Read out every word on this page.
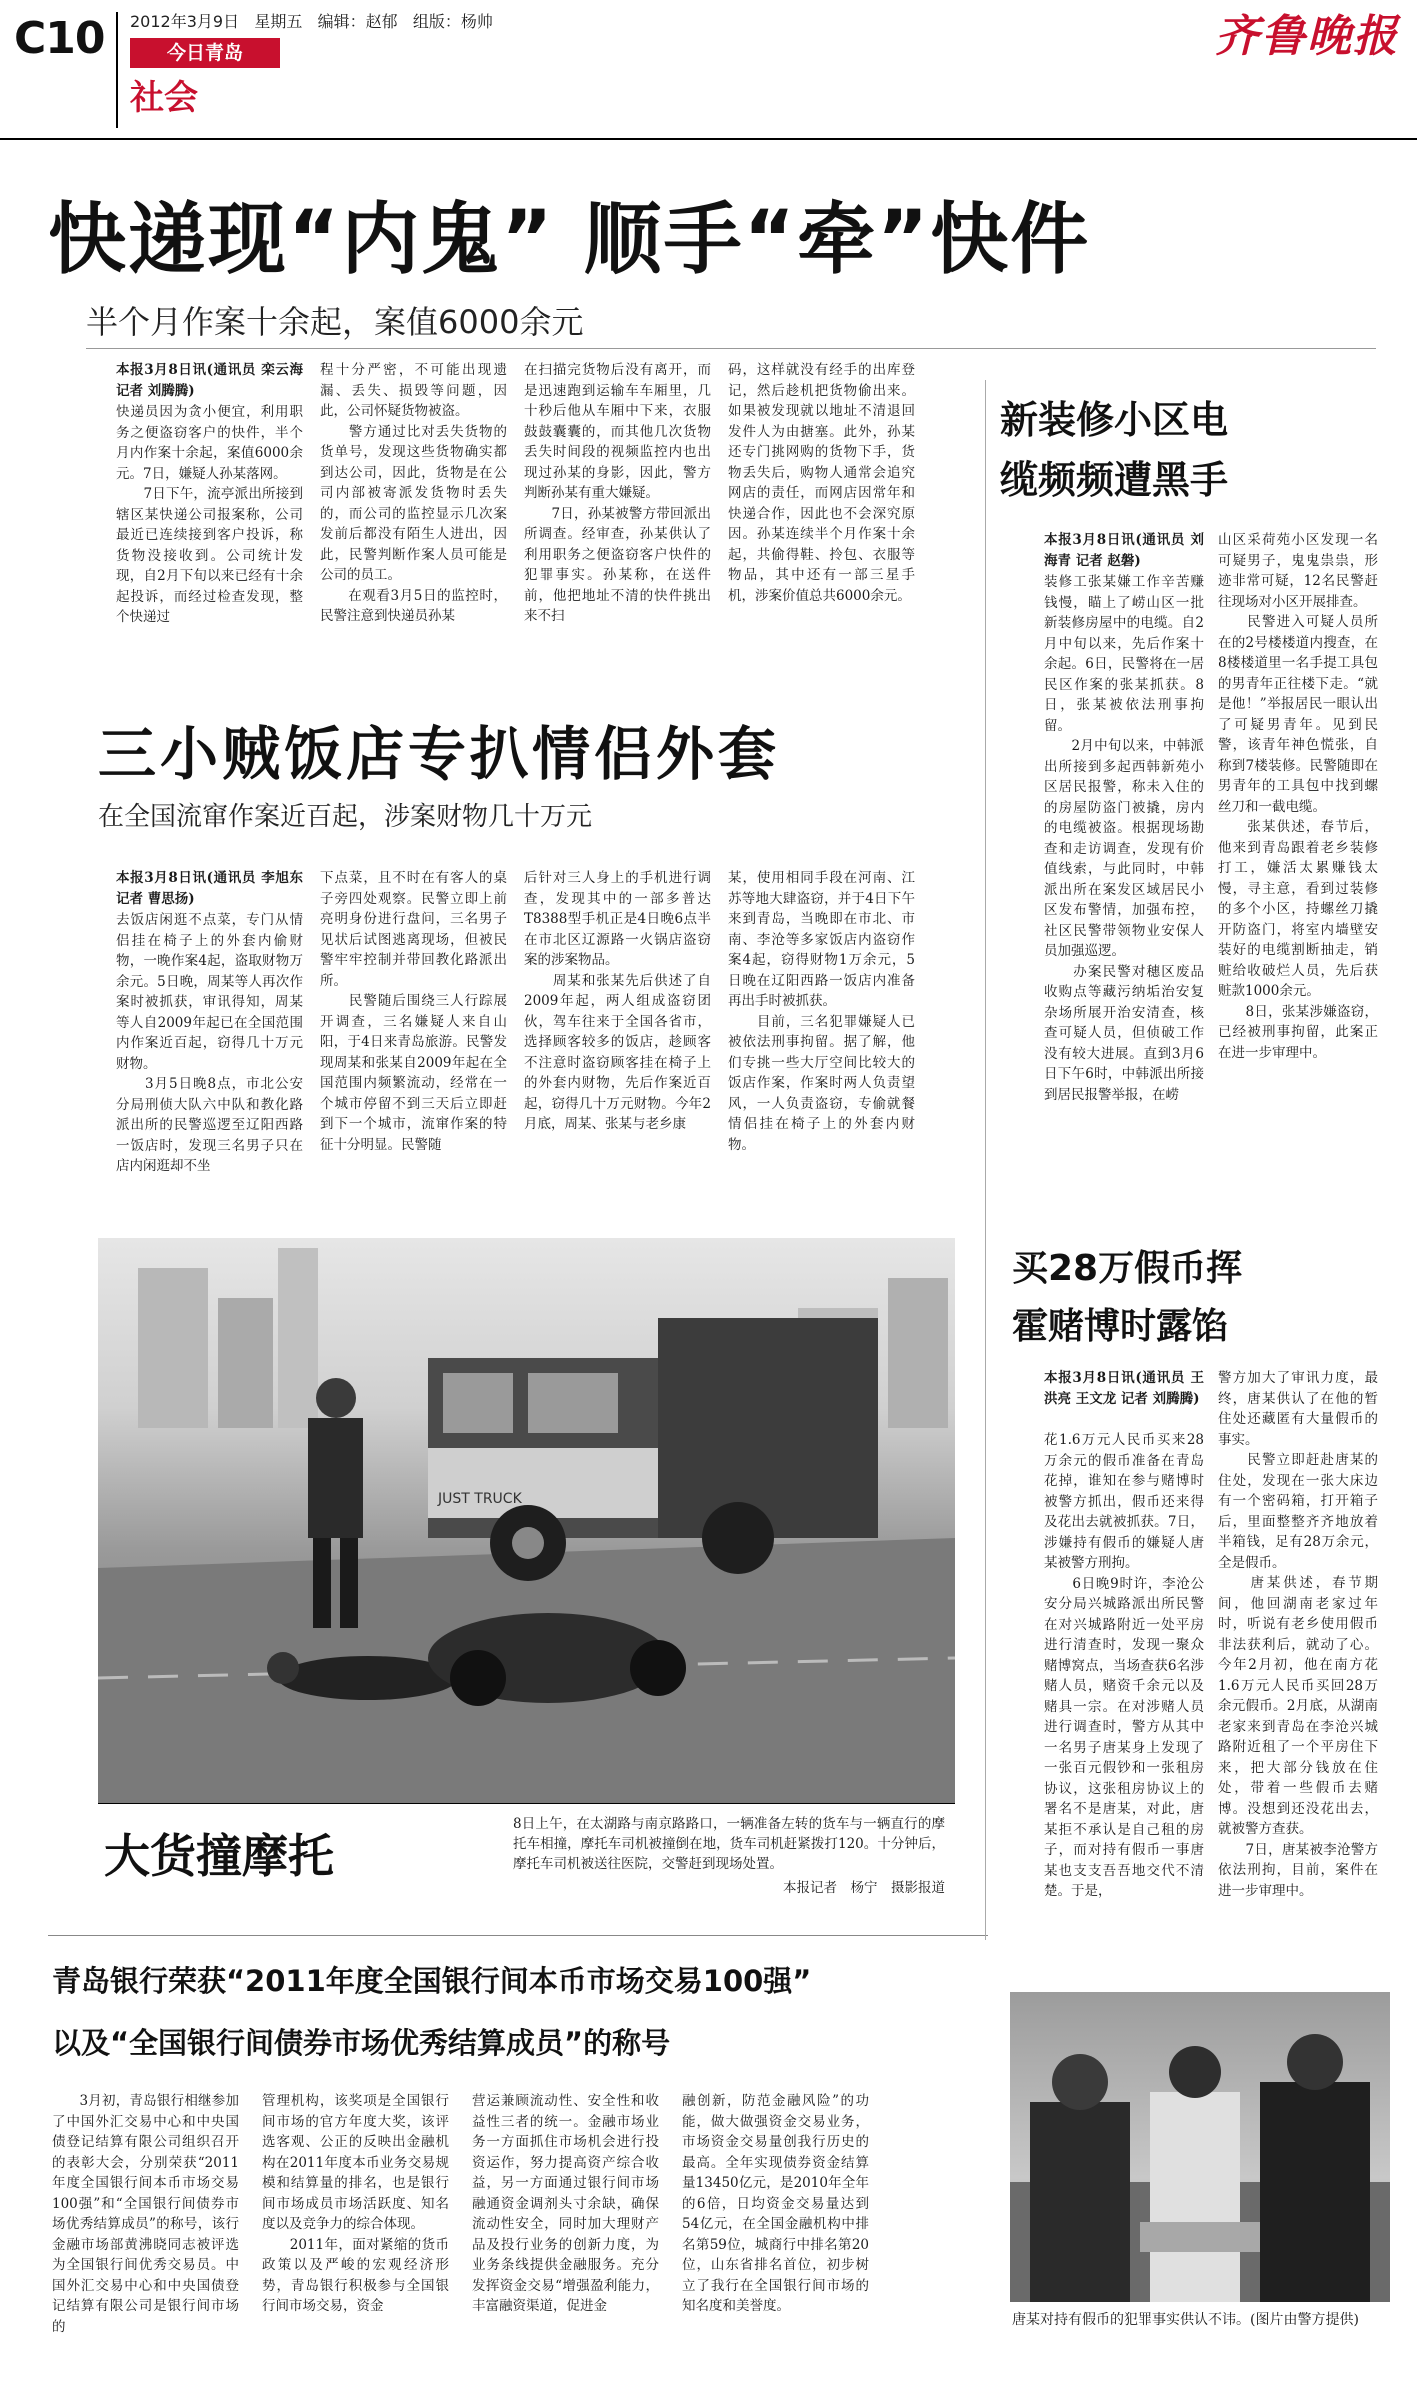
C10 2012年3月9日 星期五 编辑：赵郁 组版：杨帅
今日青岛
社会
齐鲁晚报
快递现“内鬼” 顺手“牵”快件
半个月作案十余起，案值6000余元
本报3月8日讯(通讯员 栾云海 记者 刘腾腾)
快递员因为贪小便宜，利用职务之便盗窃客户的快件，半个月内作案十余起，案值6000余元。7日，嫌疑人孙某落网。
　　7日下午，流亭派出所接到辖区某快递公司报案称，公司最近已连续接到客户投诉，称货物没接收到。公司统计发现，自2月下旬以来已经有十余起投诉，而经过检查发现，整个快递过
程十分严密，不可能出现遗漏、丢失、损毁等问题，因此，公司怀疑货物被盗。
　　警方通过比对丢失货物的货单号，发现这些货物确实都到达公司，因此，货物是在公司内部被寄派发货物时丢失的，而公司的监控显示几次案发前后都没有陌生人进出，因此，民警判断作案人员可能是公司的员工。
　　在观看3月5日的监控时，民警注意到快递员孙某
在扫描完货物后没有离开，而是迅速跑到运输车车厢里，几十秒后他从车厢中下来，衣服鼓鼓囊囊的，而其他几次货物丢失时间段的视频监控内也出现过孙某的身影，因此，警方判断孙某有重大嫌疑。
　　7日，孙某被警方带回派出所调查。经审查，孙某供认了利用职务之便盗窃客户快件的犯罪事实。孙某称，在送件前，他把地址不清的快件挑出来不扫
码，这样就没有经手的出库登记，然后趁机把货物偷出来。如果被发现就以地址不清退回发件人为由搪塞。此外，孙某还专门挑网购的货物下手，货物丢失后，购物人通常会追究网店的责任，而网店因常年和快递合作，因此也不会深究原因。孙某连续半个月作案十余起，共偷得鞋、拎包、衣服等物品，其中还有一部三星手机，涉案价值总共6000余元。
新装修小区电缆频频遭黑手
本报3月8日讯(通讯员 刘海青 记者 赵磐)
装修工张某嫌工作辛苦赚钱慢，瞄上了崂山区一批新装修房屋中的电缆。自2月中旬以来，先后作案十余起。6日，民警将在一居民区作案的张某抓获。8日，张某被依法刑事拘留。
　　2月中旬以来，中韩派出所接到多起西韩新苑小区居民报警，称未入住的的房屋防盗门被撬，房内的电缆被盗。根据现场勘查和走访调查，发现有价值线索，与此同时，中韩派出所在案发区域居民小区发布警情，加强布控，社区民警带领物业安保人员加强巡逻。
　　办案民警对穗区废品收购点等藏污纳垢治安复杂场所展开治安清查，核查可疑人员，但侦破工作没有较大进展。直到3月6日下午6时，中韩派出所接到居民报警举报，在崂
山区采荷苑小区发现一名可疑男子，鬼鬼祟祟，形迹非常可疑，12名民警赶往现场对小区开展排查。
　　民警进入可疑人员所在的2号楼楼道内搜查，在8楼楼道里一名手提工具包的男青年正往楼下走。“就是他！”举报居民一眼认出了可疑男青年。见到民警，该青年神色慌张，自称到7楼装修。民警随即在男青年的工具包中找到螺丝刀和一截电缆。
　　张某供述，春节后，他来到青岛跟着老乡装修打工，嫌活太累赚钱太慢，寻主意，看到过装修的多个小区，持螺丝刀撬开防盗门，将室内墙壁安装好的电缆割断抽走，销赃给收破烂人员，先后获赃款1000余元。
　　8日，张某涉嫌盗窃，已经被刑事拘留，此案正在进一步审理中。
三小贼饭店专扒情侣外套
在全国流窜作案近百起，涉案财物几十万元
本报3月8日讯(通讯员 李旭东 记者 曹思扬)
去饭店闲逛不点菜，专门从情侣挂在椅子上的外套内偷财物，一晚作案4起，盗取财物万余元。5日晚，周某等人再次作案时被抓获，审讯得知，周某等人自2009年起已在全国范围内作案近百起，窃得几十万元财物。
　　3月5日晚8点，市北公安分局刑侦大队六中队和教化路派出所的民警巡逻至辽阳西路一饭店时，发现三名男子只在店内闲逛却不坐
下点菜，且不时在有客人的桌子旁四处观察。民警立即上前亮明身份进行盘问，三名男子见状后试图逃离现场，但被民警牢牢控制并带回教化路派出所。
　　民警随后围绕三人行踪展开调查，三名嫌疑人来自山阳，于4日来青岛旅游。民警发现周某和张某自2009年起在全国范围内频繁流动，经常在一个城市停留不到三天后立即赶到下一个城市，流窜作案的特征十分明显。民警随
后针对三人身上的手机进行调查，发现其中的一部多普达T8388型手机正是4日晚6点半在市北区辽源路一火锅店盗窃案的涉案物品。
　　周某和张某先后供述了自2009年起，两人组成盗窃团伙，驾车往来于全国各省市，选择顾客较多的饭店，趁顾客不注意时盗窃顾客挂在椅子上的外套内财物，先后作案近百起，窃得几十万元财物。今年2月底，周某、张某与老乡康
某，使用相同手段在河南、江苏等地大肆盗窃，并于4日下午来到青岛，当晚即在市北、市南、李沧等多家饭店内盗窃作案4起，窃得财物1万余元，5日晚在辽阳西路一饭店内准备再出手时被抓获。
　　目前，三名犯罪嫌疑人已被依法刑事拘留。据了解，他们专挑一些大厅空间比较大的饭店作案，作案时两人负责望风，一人负责盗窃，专偷就餐情侣挂在椅子上的外套内财物。
JUST TRUCK
大货撞摩托
8日上午，在太湖路与南京路路口，一辆准备左转的货车与一辆直行的摩托车相撞，摩托车司机被撞倒在地，货车司机赶紧拨打120。十分钟后，摩托车司机被送往医院，交警赶到现场处置。
本报记者　杨宁　摄影报道
买28万假币挥霍赌博时露馅
本报3月8日讯(通讯员 王洪亮 王文龙 记者 刘腾腾)
花1.6万元人民币买来28万余元的假币准备在青岛花掉，谁知在参与赌博时被警方抓出，假币还来得及花出去就被抓获。7日，涉嫌持有假币的嫌疑人唐某被警方刑拘。
　　6日晚9时许，李沧公安分局兴城路派出所民警在对兴城路附近一处平房进行清查时，发现一聚众赌博窝点，当场查获6名涉赌人员，赌资千余元以及赌具一宗。在对涉赌人员进行调查时，警方从其中一名男子唐某身上发现了一张百元假钞和一张租房协议，这张租房协议上的署名不是唐某，对此，唐某拒不承认是自己租的房子，而对持有假币一事唐某也支支吾吾地交代不清楚。于是，
警方加大了审讯力度，最终，唐某供认了在他的暂住处还藏匿有大量假币的事实。
　　民警立即赶赴唐某的住处，发现在一张大床边有一个密码箱，打开箱子后，里面整整齐齐地放着半箱钱，足有28万余元，全是假币。
　　唐某供述，春节期间，他回湖南老家过年时，听说有老乡使用假币非法获利后，就动了心。今年2月初，他在南方花1.6万元人民币买回28万余元假币。2月底，从湖南老家来到青岛在李沧兴城路附近租了一个平房住下来，把大部分钱放在住处，带着一些假币去赌博。没想到还没花出去，就被警方查获。
　　7日，唐某被李沧警方依法刑拘，目前，案件在进一步审理中。
唐某对持有假币的犯罪事实供认不讳。(图片由警方提供)
青岛银行荣获“2011年度全国银行间本币市场交易100强”
以及“全国银行间债券市场优秀结算成员”的称号
　　3月初，青岛银行相继参加了中国外汇交易中心和中央国债登记结算有限公司组织召开的表彰大会，分别荣获“2011年度全国银行间本币市场交易100强”和“全国银行间债券市场优秀结算成员”的称号，该行金融市场部黄沸晓同志被评选为全国银行间优秀交易员。中国外汇交易中心和中央国债登记结算有限公司是银行间市场的
管理机构，该奖项是全国银行间市场的官方年度大奖，该评选客观、公正的反映出金融机构在2011年度本币业务交易规模和结算量的排名，也是银行间市场成员市场活跃度、知名度以及竞争力的综合体现。
　　2011年，面对紧缩的货币政策以及严峻的宏观经济形势，青岛银行积极参与全国银行间市场交易，资金
营运兼顾流动性、安全性和收益性三者的统一。金融市场业务一方面抓住市场机会进行投资运作，努力提高资产综合收益，另一方面通过银行间市场融通资金调剂头寸余缺，确保流动性安全，同时加大理财产品及投行业务的创新力度，为业务条线提供金融服务。充分发挥资金交易“增强盈利能力，丰富融资渠道，促进金
融创新，防范金融风险”的功能，做大做强资金交易业务，市场资金交易量创我行历史的最高。全年实现债券资金结算量13450亿元，是2010年全年的6倍，日均资金交易量达到54亿元，在全国金融机构中排名第59位，城商行中排名第20位，山东省排名首位，初步树立了我行在全国银行间市场的知名度和美誉度。
